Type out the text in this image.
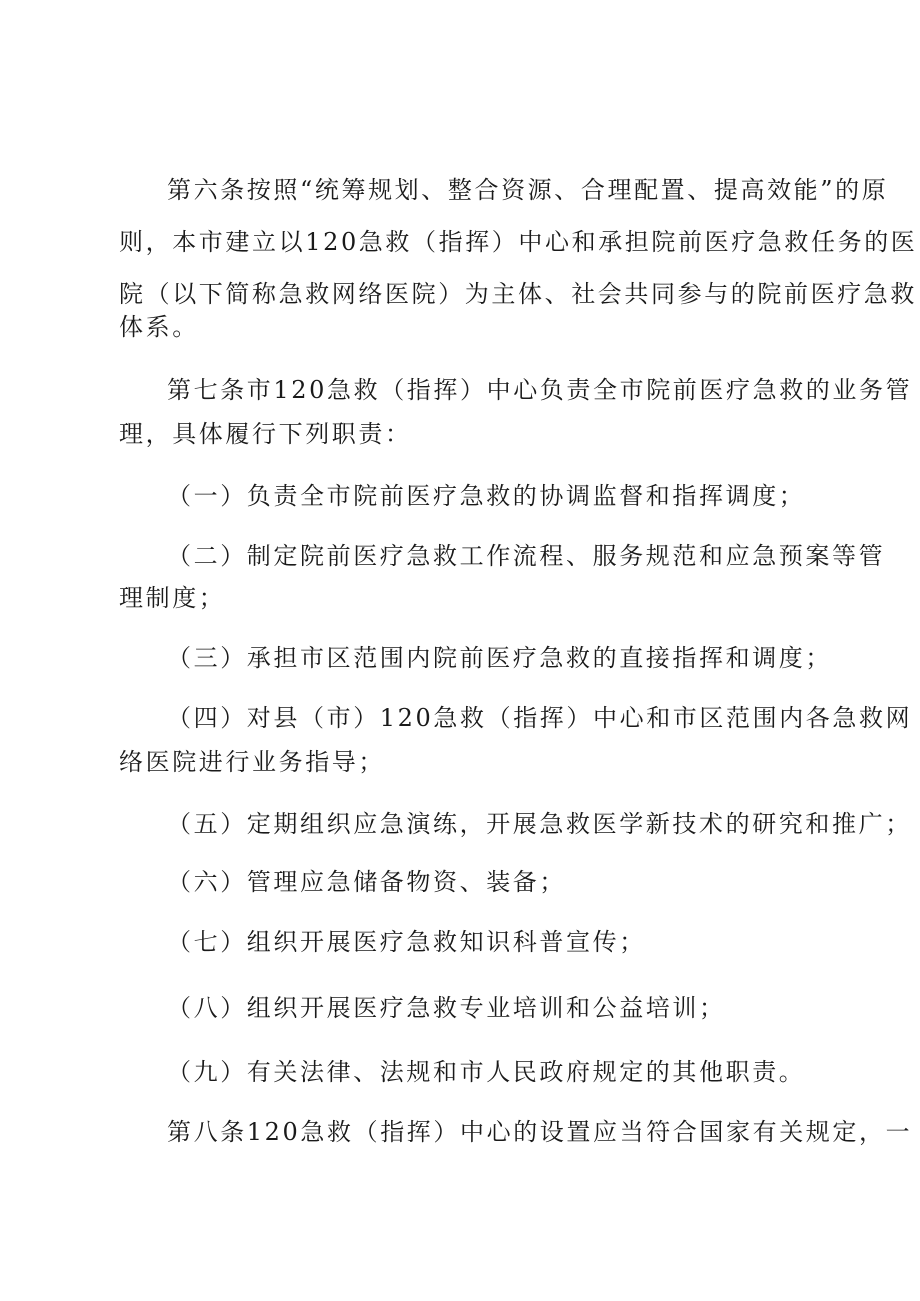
第六条按照“统筹规划、整合资源、合理配置、提高效能”的原
则，本市建立以120急救（指挥）中心和承担院前医疗急救任务的医
院（以下简称急救网络医院）为主体、社会共同参与的院前医疗急救
体系。
第七条市120急救（指挥）中心负责全市院前医疗急救的业务管
理，具体履行下列职责：
（一）负责全市院前医疗急救的协调监督和指挥调度；
（二）制定院前医疗急救工作流程、服务规范和应急预案等管
理制度；
（三）承担市区范围内院前医疗急救的直接指挥和调度；
（四）对县（市）120急救（指挥）中心和市区范围内各急救网
络医院进行业务指导；
（五）定期组织应急演练，开展急救医学新技术的研究和推广；
（六）管理应急储备物资、装备；
（七）组织开展医疗急救知识科普宣传；
（八）组织开展医疗急救专业培训和公益培训；
（九）有关法律、法规和市人民政府规定的其他职责。
第八条120急救（指挥）中心的设置应当符合国家有关规定，一
